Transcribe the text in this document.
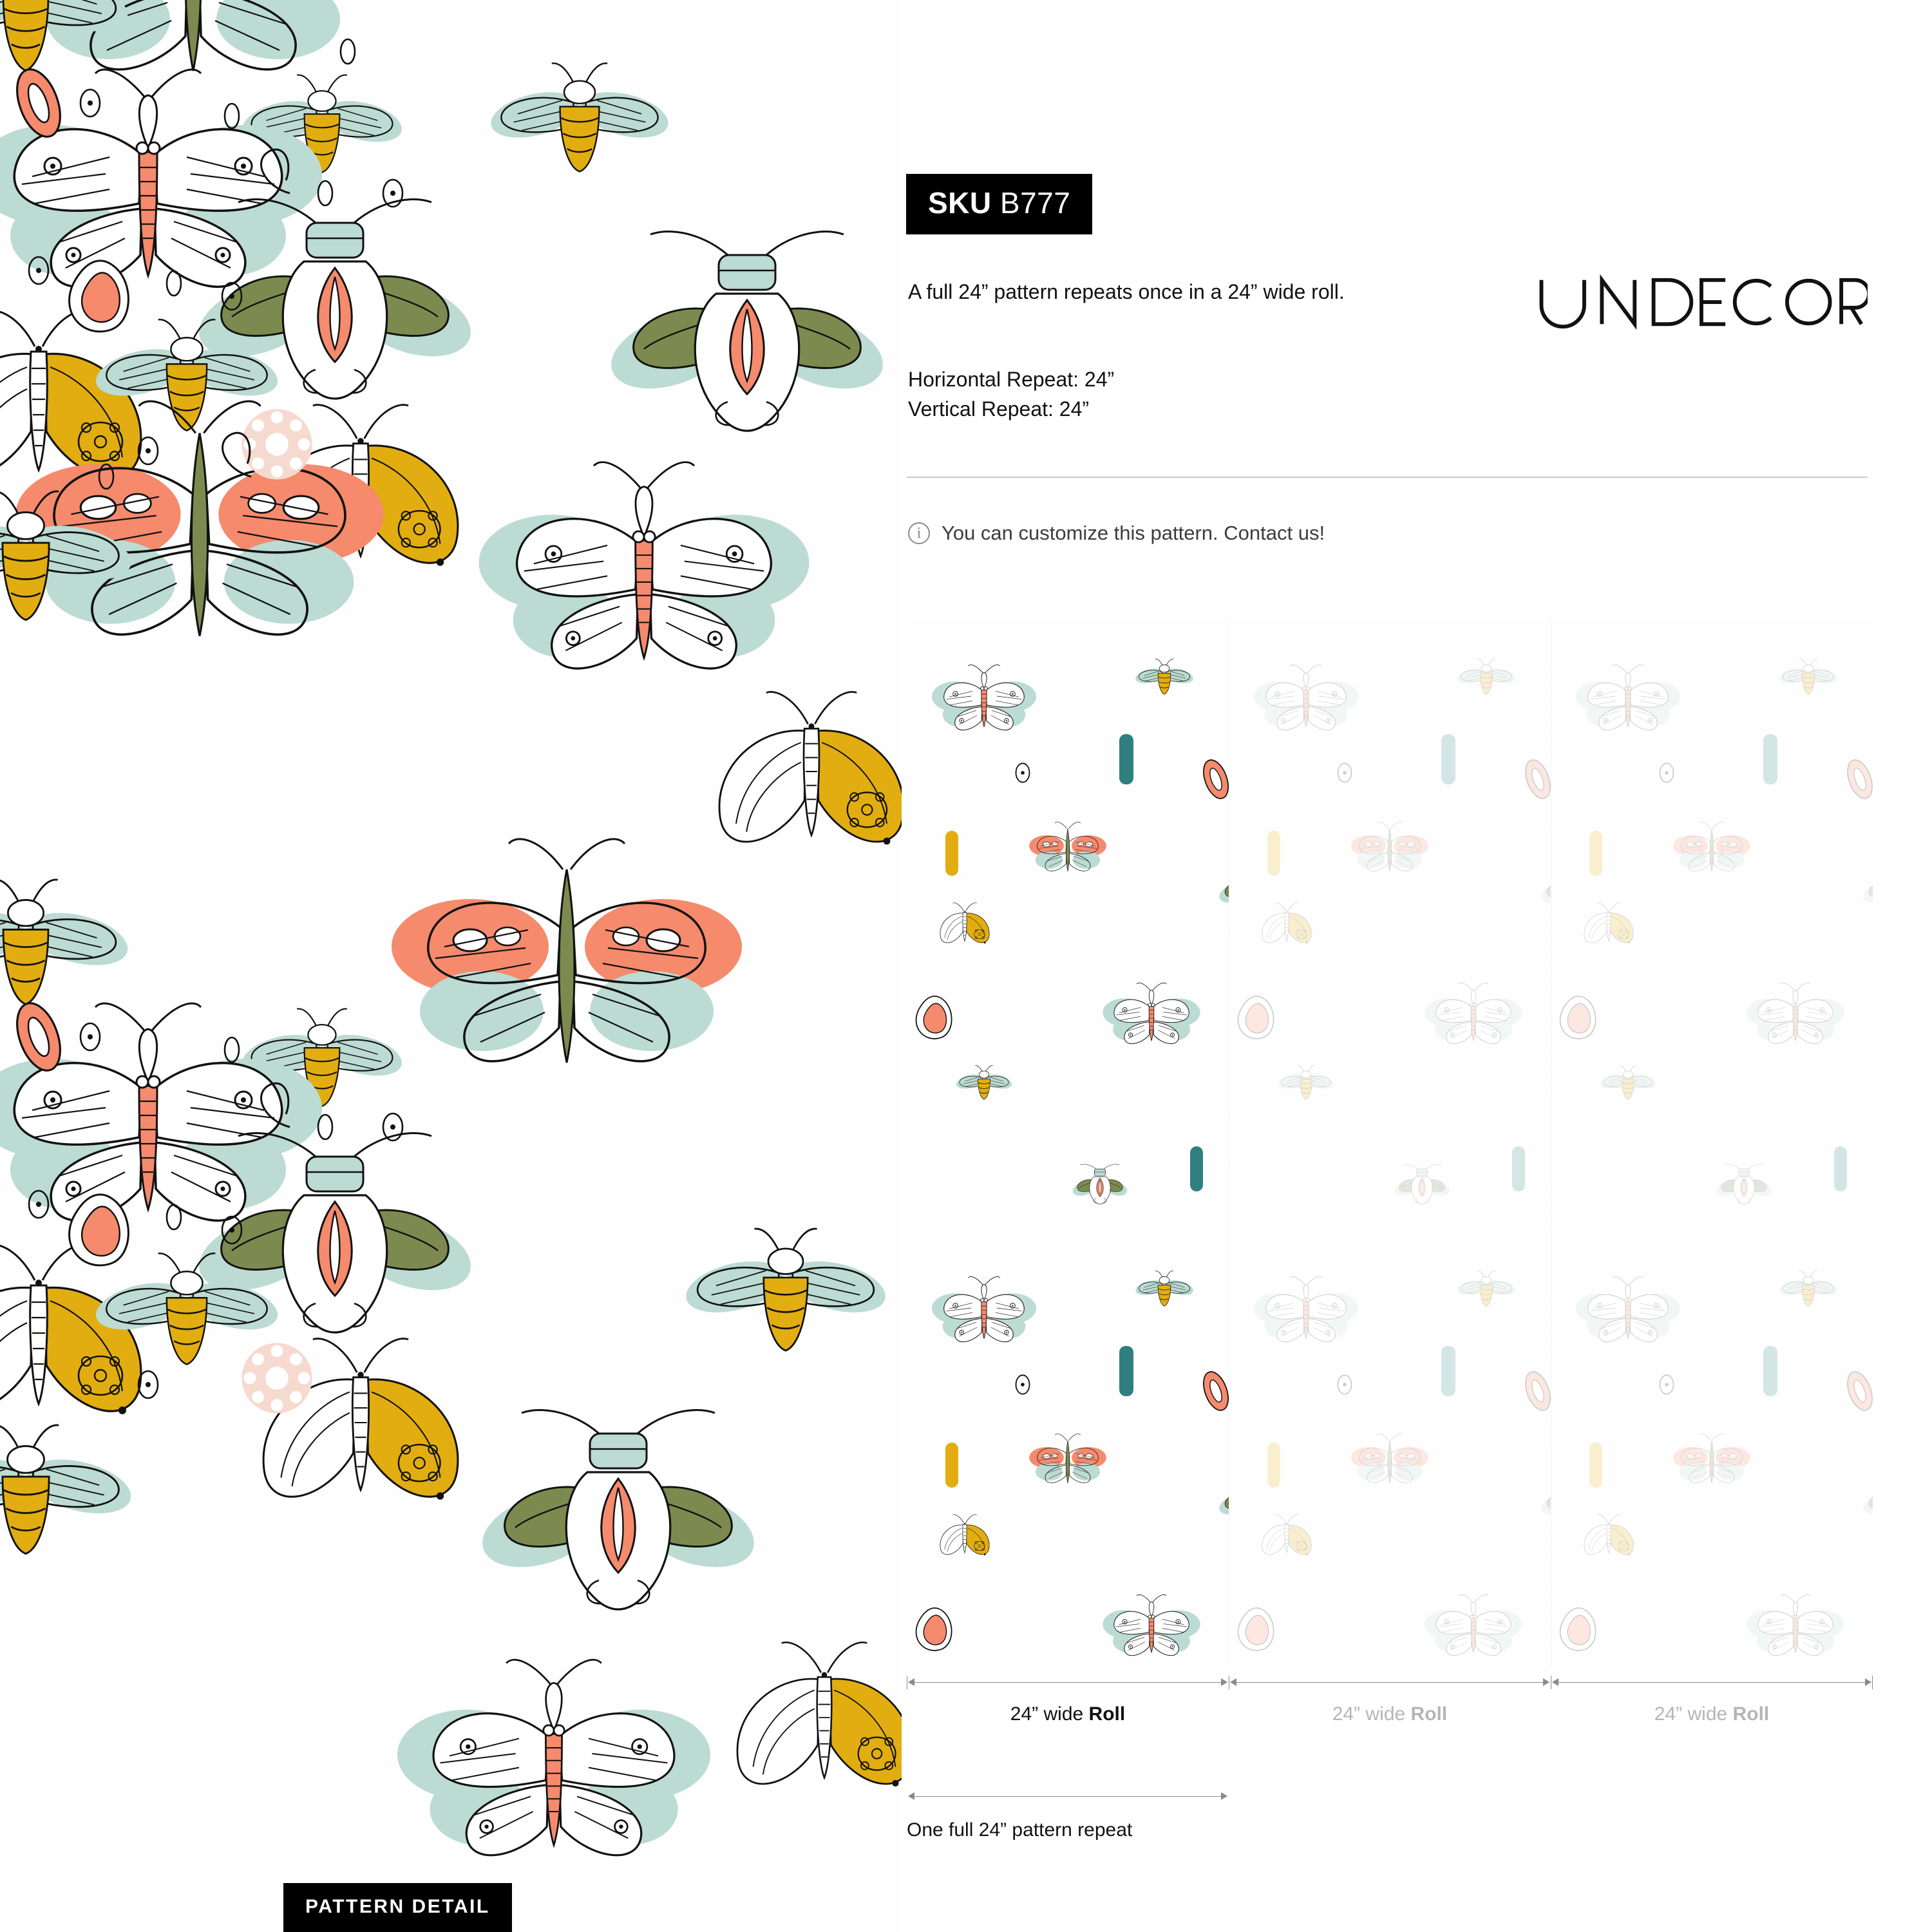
PATTERN DETAIL
SKU B777
A full 24” pattern repeats once in a 24” wide roll.
Horizontal Repeat: 24”
Vertical Repeat: 24”
i	You can customize this pattern. Contact us!
24” wide Roll	24” wide Roll	24” wide Roll
One full 24” pattern repeat
